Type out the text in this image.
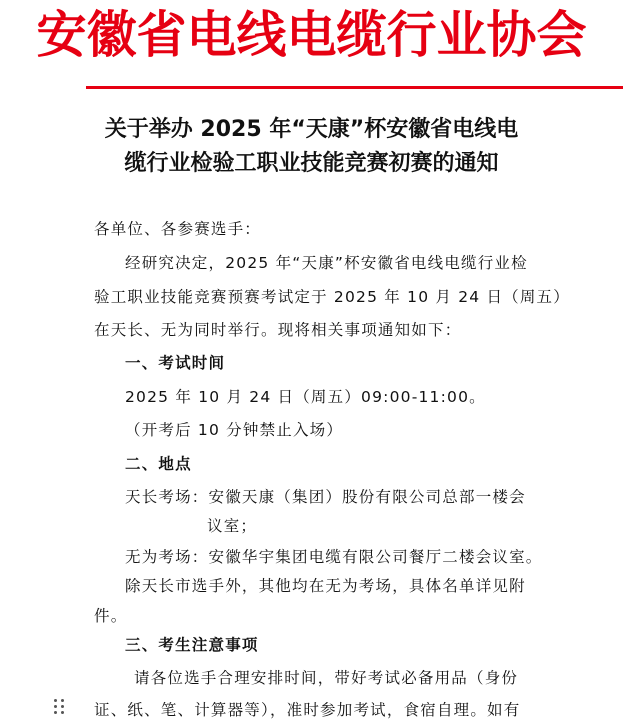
安徽省电线电缆行业协会
关于举办 2025 年“天康”杯安徽省电线电
缆行业检验工职业技能竞赛初赛的通知
各单位、各参赛选手：
经研究决定，2025 年“天康”杯安徽省电线电缆行业检
验工职业技能竞赛预赛考试定于 2025 年 10 月 24 日（周五）
在天长、无为同时举行。现将相关事项通知如下：
一、考试时间
2025 年 10 月 24 日（周五）09:00-11:00。
（开考后 10 分钟禁止入场）
二、地点
天长考场：安徽天康（集团）股份有限公司总部一楼会
议室；
无为考场：安徽华宇集团电缆有限公司餐厅二楼会议室。
除天长市选手外，其他均在无为考场，具体名单详见附
件。
三、考生注意事项
请各位选手合理安排时间，带好考试必备用品（身份
证、纸、笔、计算器等），准时参加考试，食宿自理。如有
